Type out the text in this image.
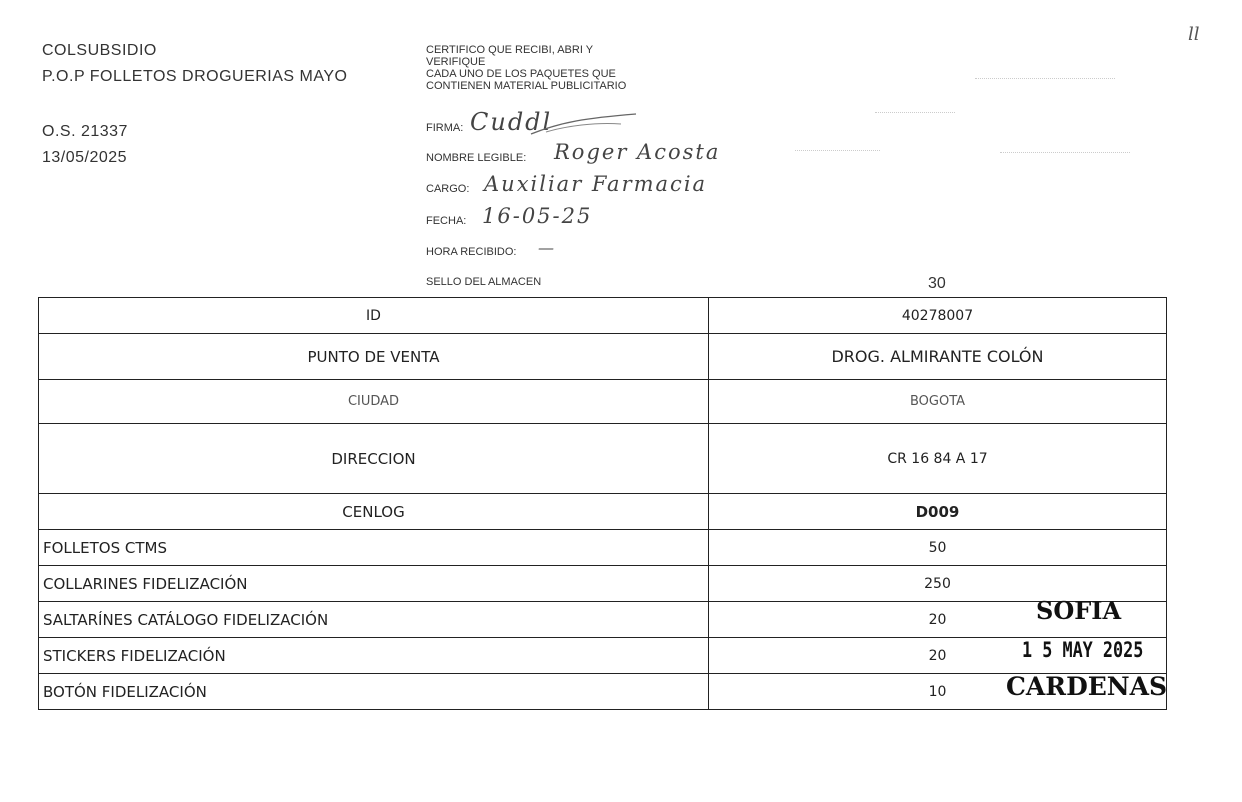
COLSUBSIDIO
P.O.P FOLLETOS DROGUERIAS MAYO
O.S. 21337
13/05/2025
CERTIFICO QUE RECIBI, ABRI Y
VERIFIQUE
CADA UNO DE LOS PAQUETES QUE
CONTIENEN MATERIAL PUBLICITARIO
FIRMA: Cuddl
NOMBRE LEGIBLE: Roger Acosta
CARGO: Auxiliar Farmacia
FECHA: 16-05-25
HORA RECIBIDO: —
SELLO DEL ALMACEN	30
ll
ID	40278007
PUNTO DE VENTA	DROG. ALMIRANTE COLÓN
CIUDAD	BOGOTA
DIRECCION	CR 16 84 A 17
CENLOG	D009
FOLLETOS CTMS	50
COLLARINES FIDELIZACIÓN	250
SALTARÍNES CATÁLOGO FIDELIZACIÓN	20
STICKERS FIDELIZACIÓN	20
BOTÓN FIDELIZACIÓN	10
SOFIA
1 5 MAY 2025
CARDENAS
